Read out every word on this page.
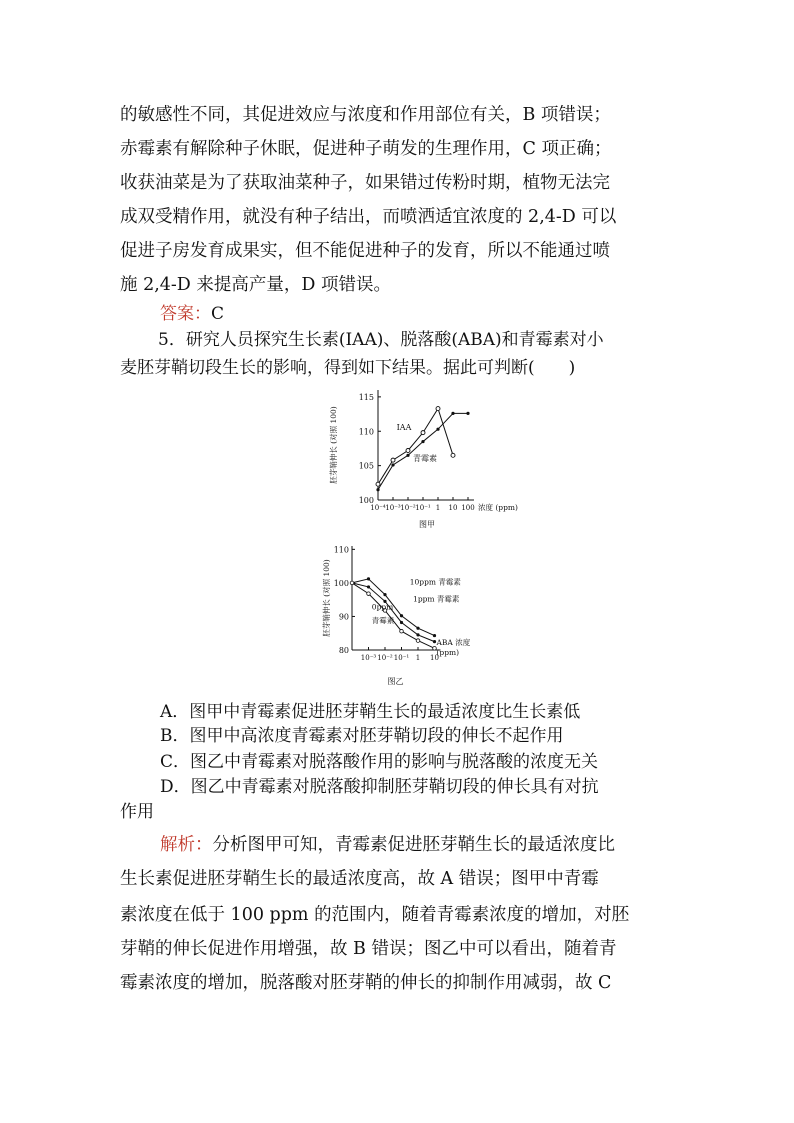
的敏感性不同，其促进效应与浓度和作用部位有关，B 项错误；
赤霉素有解除种子休眠，促进种子萌发的生理作用，C 项正确；
收获油菜是为了获取油菜种子，如果错过传粉时期，植物无法完
成双受精作用，就没有种子结出，而喷洒适宜浓度的 2,4-D 可以
促进子房发育成果实，但不能促进种子的发育，所以不能通过喷
施 2,4-D 来提高产量，D 项错误。
答案：C
5．研究人员探究生长素(IAA)、脱落酸(ABA)和青霉素对小
麦胚芽鞘切段生长的影响，得到如下结果。据此可判断(　　)
100
105
110
115
10⁻⁴ 10⁻³ 10⁻² 10⁻¹ 1 10 100 浓度 (ppm)
胚芽鞘伸长 (对照 100)
图甲
IAA
青霉素
80
90
100
110
10⁻³ 10⁻² 10⁻¹ 1 10
ABA 浓度
(ppm)
胚芽鞘伸长 (对照 100)
图乙
10ppm 青霉素
1ppm 青霉素
0ppm
青霉素
A．图甲中青霉素促进胚芽鞘生长的最适浓度比生长素低
B．图甲中高浓度青霉素对胚芽鞘切段的伸长不起作用
C．图乙中青霉素对脱落酸作用的影响与脱落酸的浓度无关
D．图乙中青霉素对脱落酸抑制胚芽鞘切段的伸长具有对抗
作用
解析：分析图甲可知，青霉素促进胚芽鞘生长的最适浓度比
生长素促进胚芽鞘生长的最适浓度高，故 A 错误；图甲中青霉
素浓度在低于 100 ppm 的范围内，随着青霉素浓度的增加，对胚
芽鞘的伸长促进作用增强，故 B 错误；图乙中可以看出，随着青
霉素浓度的增加，脱落酸对胚芽鞘的伸长的抑制作用减弱，故 C
